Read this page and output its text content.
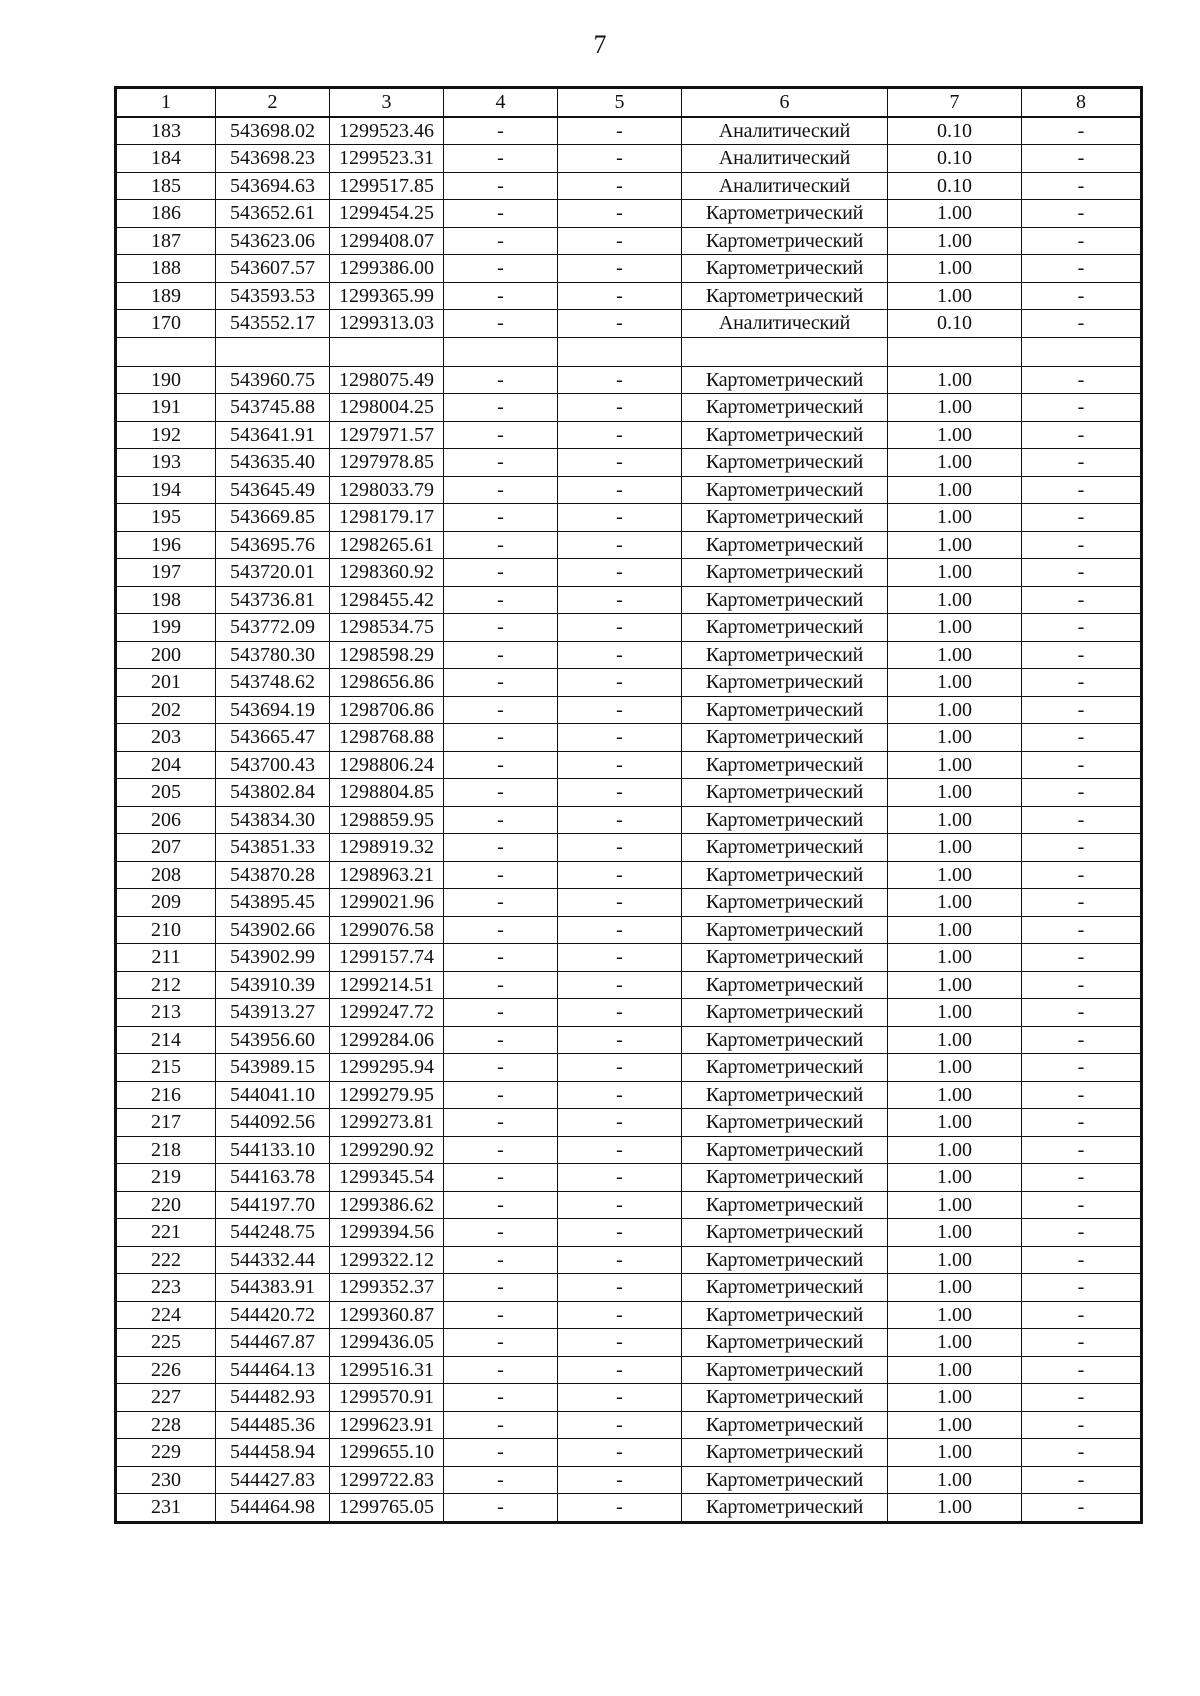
7
1	2	3	4	5	6	7	8
183	543698.02	1299523.46	-	-	Аналитический	0.10	-
184	543698.23	1299523.31	-	-	Аналитический	0.10	-
185	543694.63	1299517.85	-	-	Аналитический	0.10	-
186	543652.61	1299454.25	-	-	Картометрический	1.00	-
187	543623.06	1299408.07	-	-	Картометрический	1.00	-
188	543607.57	1299386.00	-	-	Картометрический	1.00	-
189	543593.53	1299365.99	-	-	Картометрический	1.00	-
170	543552.17	1299313.03	-	-	Аналитический	0.10	-

190	543960.75	1298075.49	-	-	Картометрический	1.00	-
191	543745.88	1298004.25	-	-	Картометрический	1.00	-
192	543641.91	1297971.57	-	-	Картометрический	1.00	-
193	543635.40	1297978.85	-	-	Картометрический	1.00	-
194	543645.49	1298033.79	-	-	Картометрический	1.00	-
195	543669.85	1298179.17	-	-	Картометрический	1.00	-
196	543695.76	1298265.61	-	-	Картометрический	1.00	-
197	543720.01	1298360.92	-	-	Картометрический	1.00	-
198	543736.81	1298455.42	-	-	Картометрический	1.00	-
199	543772.09	1298534.75	-	-	Картометрический	1.00	-
200	543780.30	1298598.29	-	-	Картометрический	1.00	-
201	543748.62	1298656.86	-	-	Картометрический	1.00	-
202	543694.19	1298706.86	-	-	Картометрический	1.00	-
203	543665.47	1298768.88	-	-	Картометрический	1.00	-
204	543700.43	1298806.24	-	-	Картометрический	1.00	-
205	543802.84	1298804.85	-	-	Картометрический	1.00	-
206	543834.30	1298859.95	-	-	Картометрический	1.00	-
207	543851.33	1298919.32	-	-	Картометрический	1.00	-
208	543870.28	1298963.21	-	-	Картометрический	1.00	-
209	543895.45	1299021.96	-	-	Картометрический	1.00	-
210	543902.66	1299076.58	-	-	Картометрический	1.00	-
211	543902.99	1299157.74	-	-	Картометрический	1.00	-
212	543910.39	1299214.51	-	-	Картометрический	1.00	-
213	543913.27	1299247.72	-	-	Картометрический	1.00	-
214	543956.60	1299284.06	-	-	Картометрический	1.00	-
215	543989.15	1299295.94	-	-	Картометрический	1.00	-
216	544041.10	1299279.95	-	-	Картометрический	1.00	-
217	544092.56	1299273.81	-	-	Картометрический	1.00	-
218	544133.10	1299290.92	-	-	Картометрический	1.00	-
219	544163.78	1299345.54	-	-	Картометрический	1.00	-
220	544197.70	1299386.62	-	-	Картометрический	1.00	-
221	544248.75	1299394.56	-	-	Картометрический	1.00	-
222	544332.44	1299322.12	-	-	Картометрический	1.00	-
223	544383.91	1299352.37	-	-	Картометрический	1.00	-
224	544420.72	1299360.87	-	-	Картометрический	1.00	-
225	544467.87	1299436.05	-	-	Картометрический	1.00	-
226	544464.13	1299516.31	-	-	Картометрический	1.00	-
227	544482.93	1299570.91	-	-	Картометрический	1.00	-
228	544485.36	1299623.91	-	-	Картометрический	1.00	-
229	544458.94	1299655.10	-	-	Картометрический	1.00	-
230	544427.83	1299722.83	-	-	Картометрический	1.00	-
231	544464.98	1299765.05	-	-	Картометрический	1.00	-
